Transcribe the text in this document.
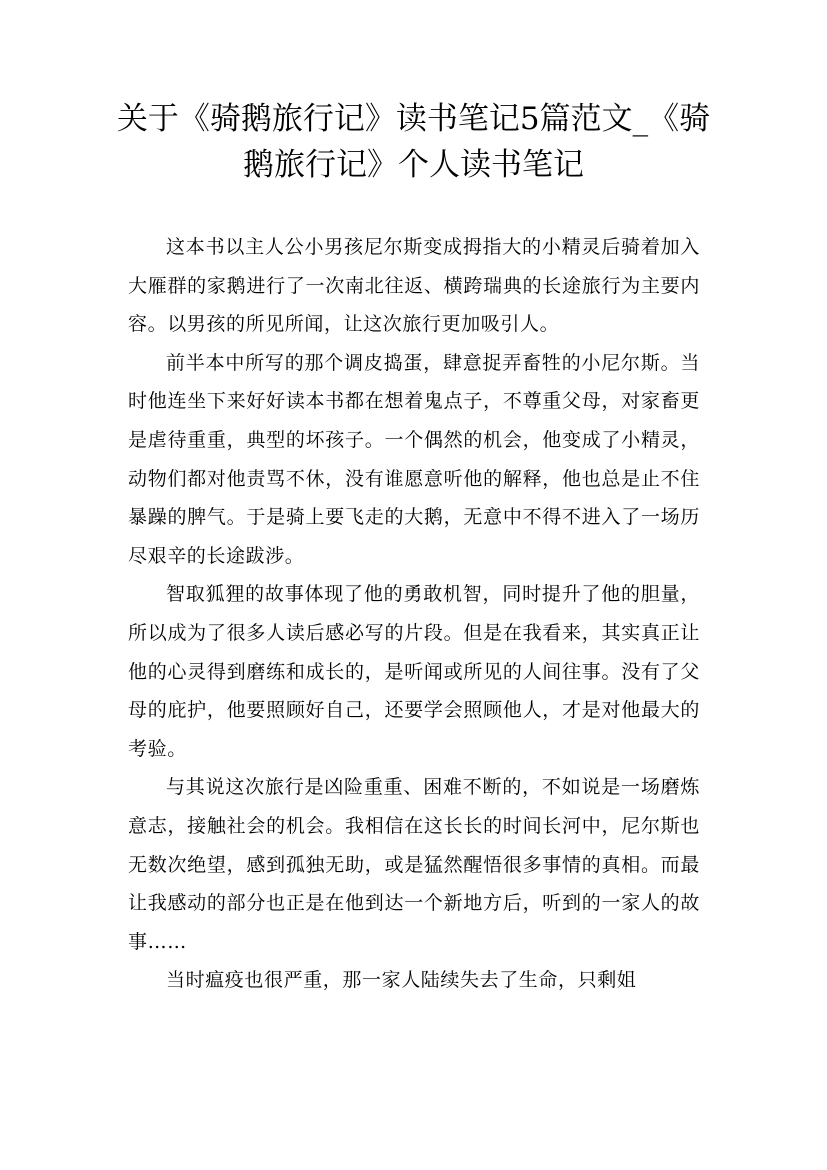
关于《骑鹅旅行记》读书笔记5篇范文_《骑鹅旅行记》个人读书笔记

这本书以主人公小男孩尼尔斯变成拇指大的小精灵后骑着加入大雁群的家鹅进行了一次南北往返、横跨瑞典的长途旅行为主要内容。以男孩的所见所闻，让这次旅行更加吸引人。

前半本中所写的那个调皮捣蛋，肆意捉弄畜牲的小尼尔斯。当时他连坐下来好好读本书都在想着鬼点子，不尊重父母，对家畜更是虐待重重，典型的坏孩子。一个偶然的机会，他变成了小精灵，动物们都对他责骂不休，没有谁愿意听他的解释，他也总是止不住暴躁的脾气。于是骑上要飞走的大鹅，无意中不得不进入了一场历尽艰辛的长途跋涉。

智取狐狸的故事体现了他的勇敢机智，同时提升了他的胆量，所以成为了很多人读后感必写的片段。但是在我看来，其实真正让他的心灵得到磨练和成长的，是听闻或所见的人间往事。没有了父母的庇护，他要照顾好自己，还要学会照顾他人，才是对他最大的考验。

与其说这次旅行是凶险重重、困难不断的，不如说是一场磨炼意志，接触社会的机会。我相信在这长长的时间长河中，尼尔斯也无数次绝望，感到孤独无助，或是猛然醒悟很多事情的真相。而最让我感动的部分也正是在他到达一个新地方后，听到的一家人的故事……

当时瘟疫也很严重，那一家人陆续失去了生命，只剩姐
